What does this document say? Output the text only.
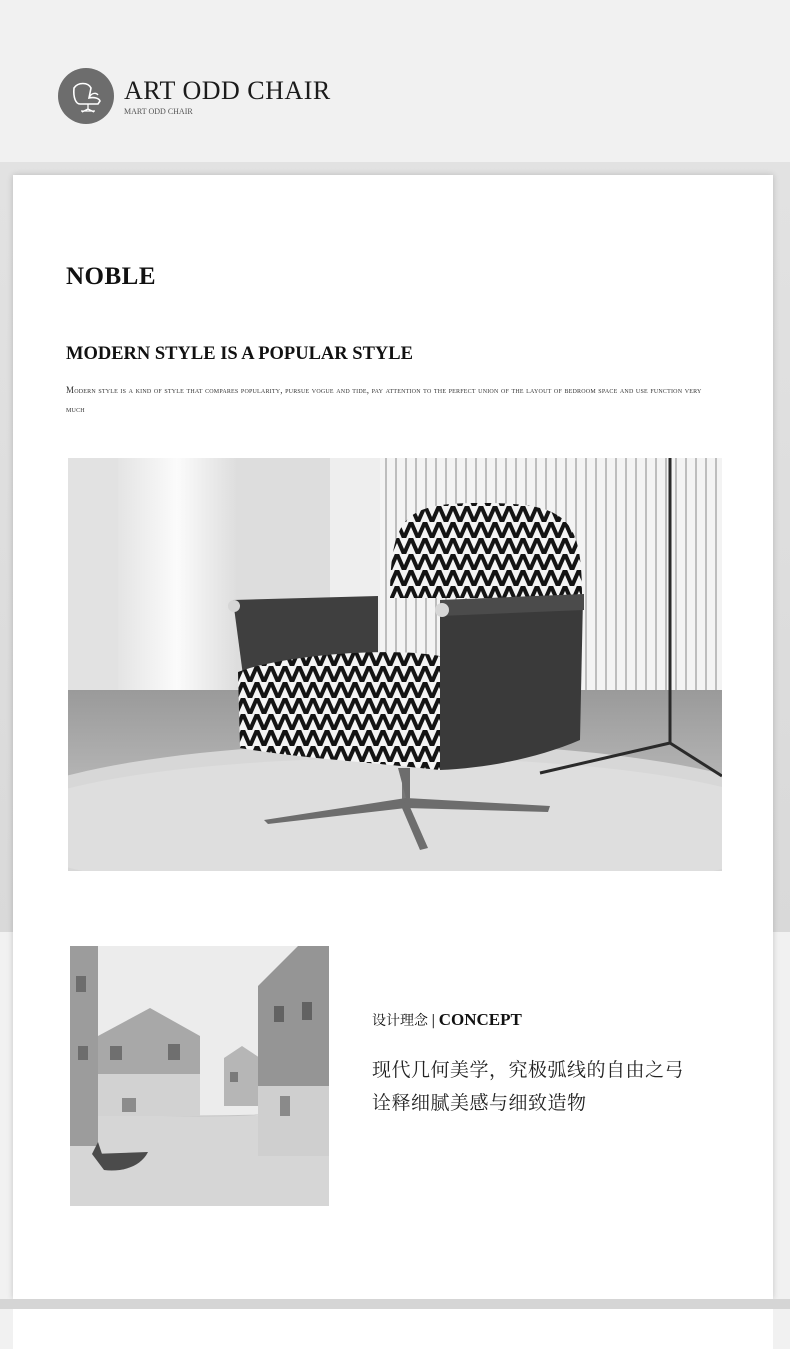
ART ODD CHAIR
MART ODD CHAIR
NOBLE
MODERN STYLE IS A POPULAR STYLE
Modern style is a kind of style that compares popularity, pursue vogue and tide, pay attention to the perfect union of the layout of bedroom space and use function very much
设计理念 | CONCEPT
现代几何美学，究极弧线的自由之弓
诠释细腻美感与细致造物
